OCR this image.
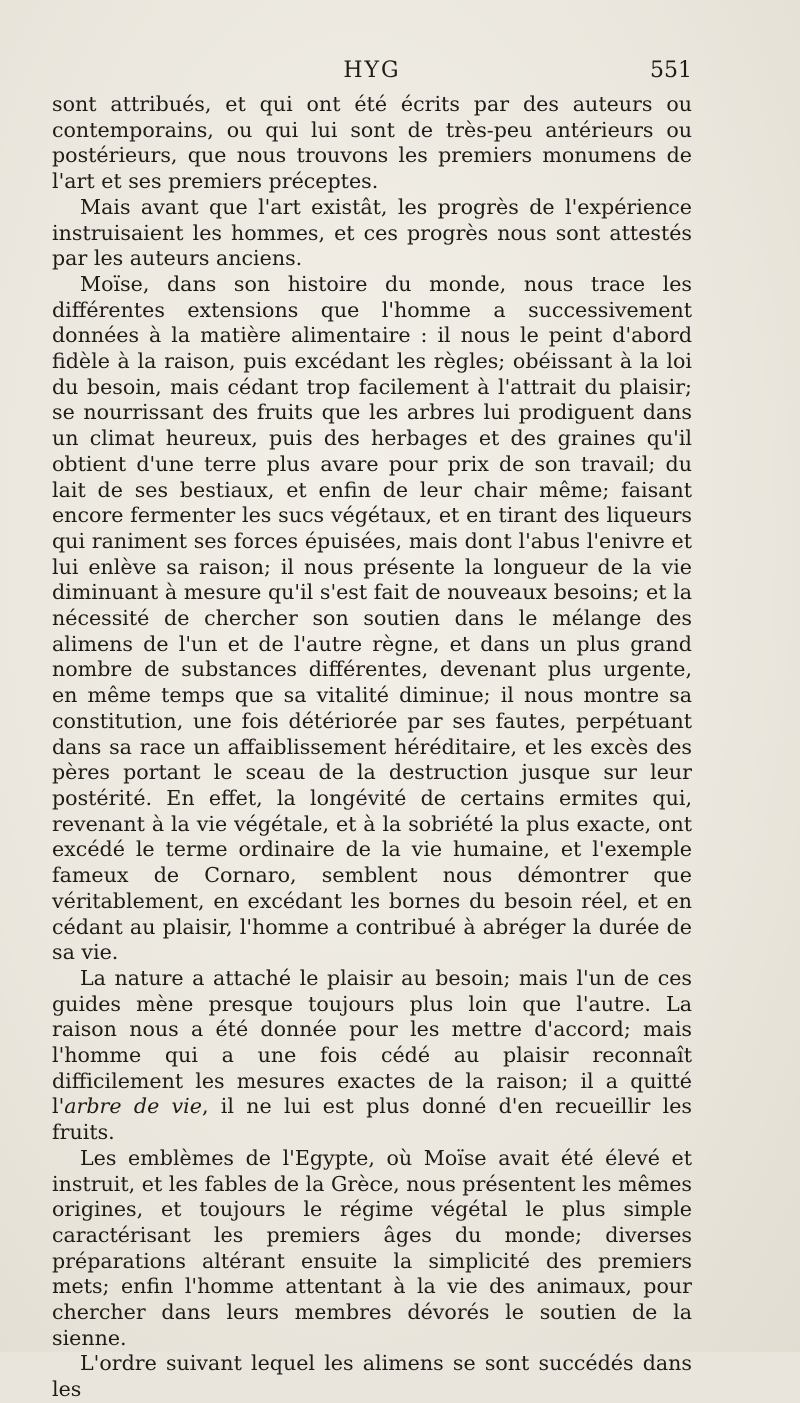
HYG	551

sont attribués, et qui ont été écrits par des auteurs ou contemporains, ou qui lui sont de très-peu antérieurs ou postérieurs, que nous trouvons les premiers monumens de l'art et ses premiers préceptes.

Mais avant que l'art existât, les progrès de l'expérience instruisaient les hommes, et ces progrès nous sont attestés par les auteurs anciens.

Moïse, dans son histoire du monde, nous trace les différentes extensions que l'homme a successivement données à la matière alimentaire : il nous le peint d'abord fidèle à la raison, puis excédant les règles; obéissant à la loi du besoin, mais cédant trop facilement à l'attrait du plaisir; se nourrissant des fruits que les arbres lui prodiguent dans un climat heureux, puis des herbages et des graines qu'il obtient d'une terre plus avare pour prix de son travail; du lait de ses bestiaux, et enfin de leur chair même; faisant encore fermenter les sucs végétaux, et en tirant des liqueurs qui raniment ses forces épuisées, mais dont l'abus l'enivre et lui enlève sa raison; il nous présente la longueur de la vie diminuant à mesure qu'il s'est fait de nouveaux besoins; et la nécessité de chercher son soutien dans le mélange des alimens de l'un et de l'autre règne, et dans un plus grand nombre de substances différentes, devenant plus urgente, en même temps que sa vitalité diminue; il nous montre sa constitution, une fois détériorée par ses fautes, perpétuant dans sa race un affaiblissement héréditaire, et les excès des pères portant le sceau de la destruction jusque sur leur postérité. En effet, la longévité de certains ermites qui, revenant à la vie végétale, et à la sobriété la plus exacte, ont excédé le terme ordinaire de la vie humaine, et l'exemple fameux de Cornaro, semblent nous démontrer que véritablement, en excédant les bornes du besoin réel, et en cédant au plaisir, l'homme a contribué à abréger la durée de sa vie.

La nature a attaché le plaisir au besoin; mais l'un de ces guides mène presque toujours plus loin que l'autre. La raison nous a été donnée pour les mettre d'accord; mais l'homme qui a une fois cédé au plaisir reconnaît difficilement les mesures exactes de la raison; il a quitté l'arbre de vie, il ne lui est plus donné d'en recueillir les fruits.

Les emblèmes de l'Egypte, où Moïse avait été élevé et instruit, et les fables de la Grèce, nous présentent les mêmes origines, et toujours le régime végétal le plus simple caractérisant les premiers âges du monde; diverses préparations altérant ensuite la simplicité des premiers mets; enfin l'homme attentant à la vie des animaux, pour chercher dans leurs membres dévorés le soutien de la sienne.

L'ordre suivant lequel les alimens se sont succédés dans les
